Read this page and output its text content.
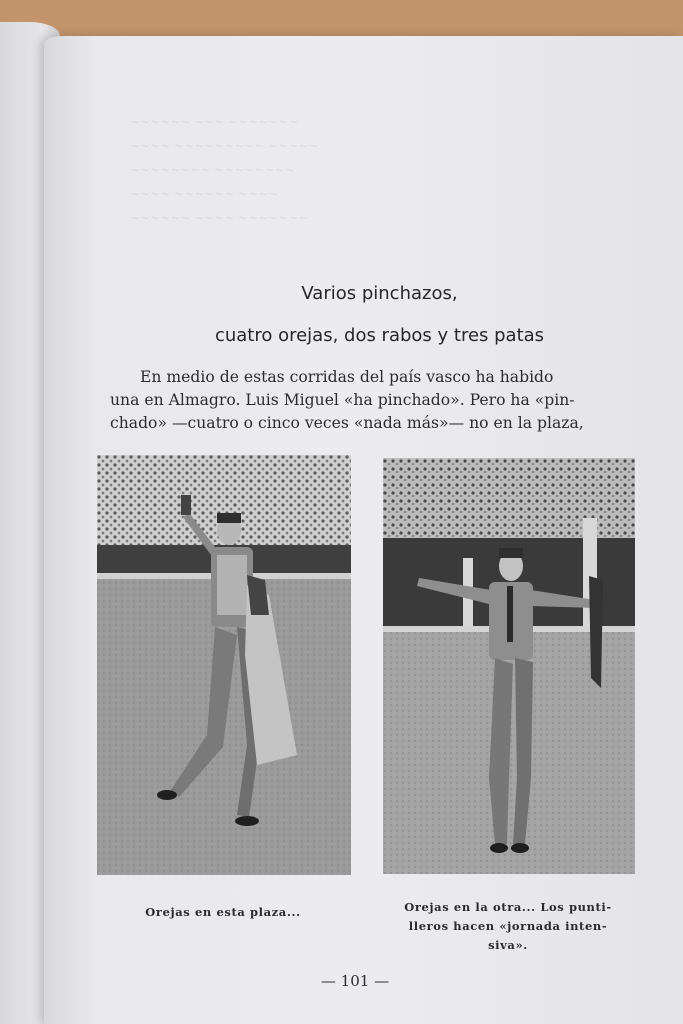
~~~~~~ ~~~ ~~~~~~~
~~~~ ~~~~~~~~~ ~~~~~
~~~~~~~~ ~~~~~~~~
~~~~ ~~~~~~ ~~~~
~~~~~~ ~~~~ ~~~~~~~
Varios pinchazos,
cuatro orejas, dos rabos y tres patas
En medio de estas corridas del país vasco ha habido
una en Almagro. Luis Miguel «ha pinchado». Pero ha «pin-
chado» —cuatro o cinco veces «nada más»— no en la plaza,
Orejas en esta plaza...	Orejas en la otra... Los punti-
lleros hacen «jornada inten-
siva».
— 101 —
